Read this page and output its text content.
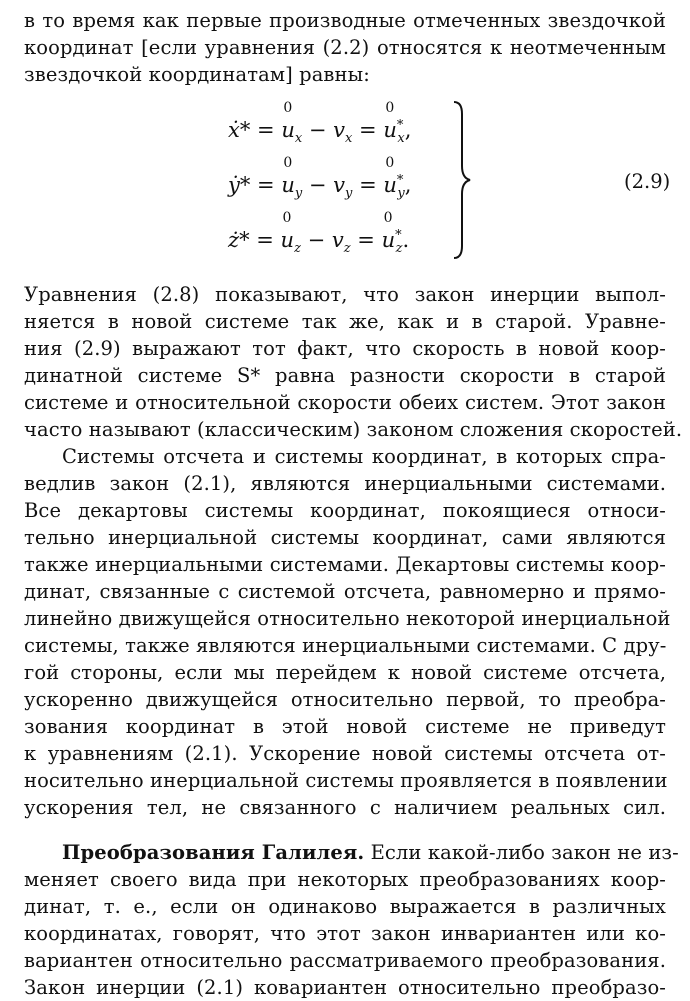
в то время как первые производные отмеченных звездочкой
координат [если уравнения (2.2) относятся к неотмеченным
звездочкой координатам] равны:
ẋ* =
0
$u_x - v_x$ =
0
$u^*_x$,
ẏ* =
0
$u_y - v_y$ =
0
$u^*_y$,
ż* =
0
$u_z - v_z$ =
0
$u^*_z$.
(2.9)
Уравнения (2.8) показывают, что закон инерции выпол-
няется в новой системе так же, как и в старой. Уравне-
ния (2.9) выражают тот факт, что скорость в новой коор-
динатной системе S* равна разности скорости в старой
системе и относительной скорости обеих систем. Этот закон
часто называют (классическим) законом сложения скоростей.
Системы отсчета и системы координат, в которых спра-
ведлив закон (2.1), являются инерциальными системами.
Все декартовы системы координат, покоящиеся относи-
тельно инерциальной системы координат, сами являются
также инерциальными системами. Декартовы системы коор-
динат, связанные с системой отсчета, равномерно и прямо-
линейно движущейся относительно некоторой инерциальной
системы, также являются инерциальными системами. С дру-
гой стороны, если мы перейдем к новой системе отсчета,
ускоренно движущейся относительно первой, то преобра-
зования координат в этой новой системе не приведут
к уравнениям (2.1). Ускорение новой системы отсчета от-
носительно инерциальной системы проявляется в появлении
ускорения тел, не связанного с наличием реальных сил.
Преобразования Галилея. Если какой-либо закон не из-
меняет своего вида при некоторых преобразованиях коор-
динат, т. е., если он одинаково выражается в различных
координатах, говорят, что этот закон инвариантен или ко-
вариантен относительно рассматриваемого преобразования.
Закон инерции (2.1) ковариантен относительно преобразо-
